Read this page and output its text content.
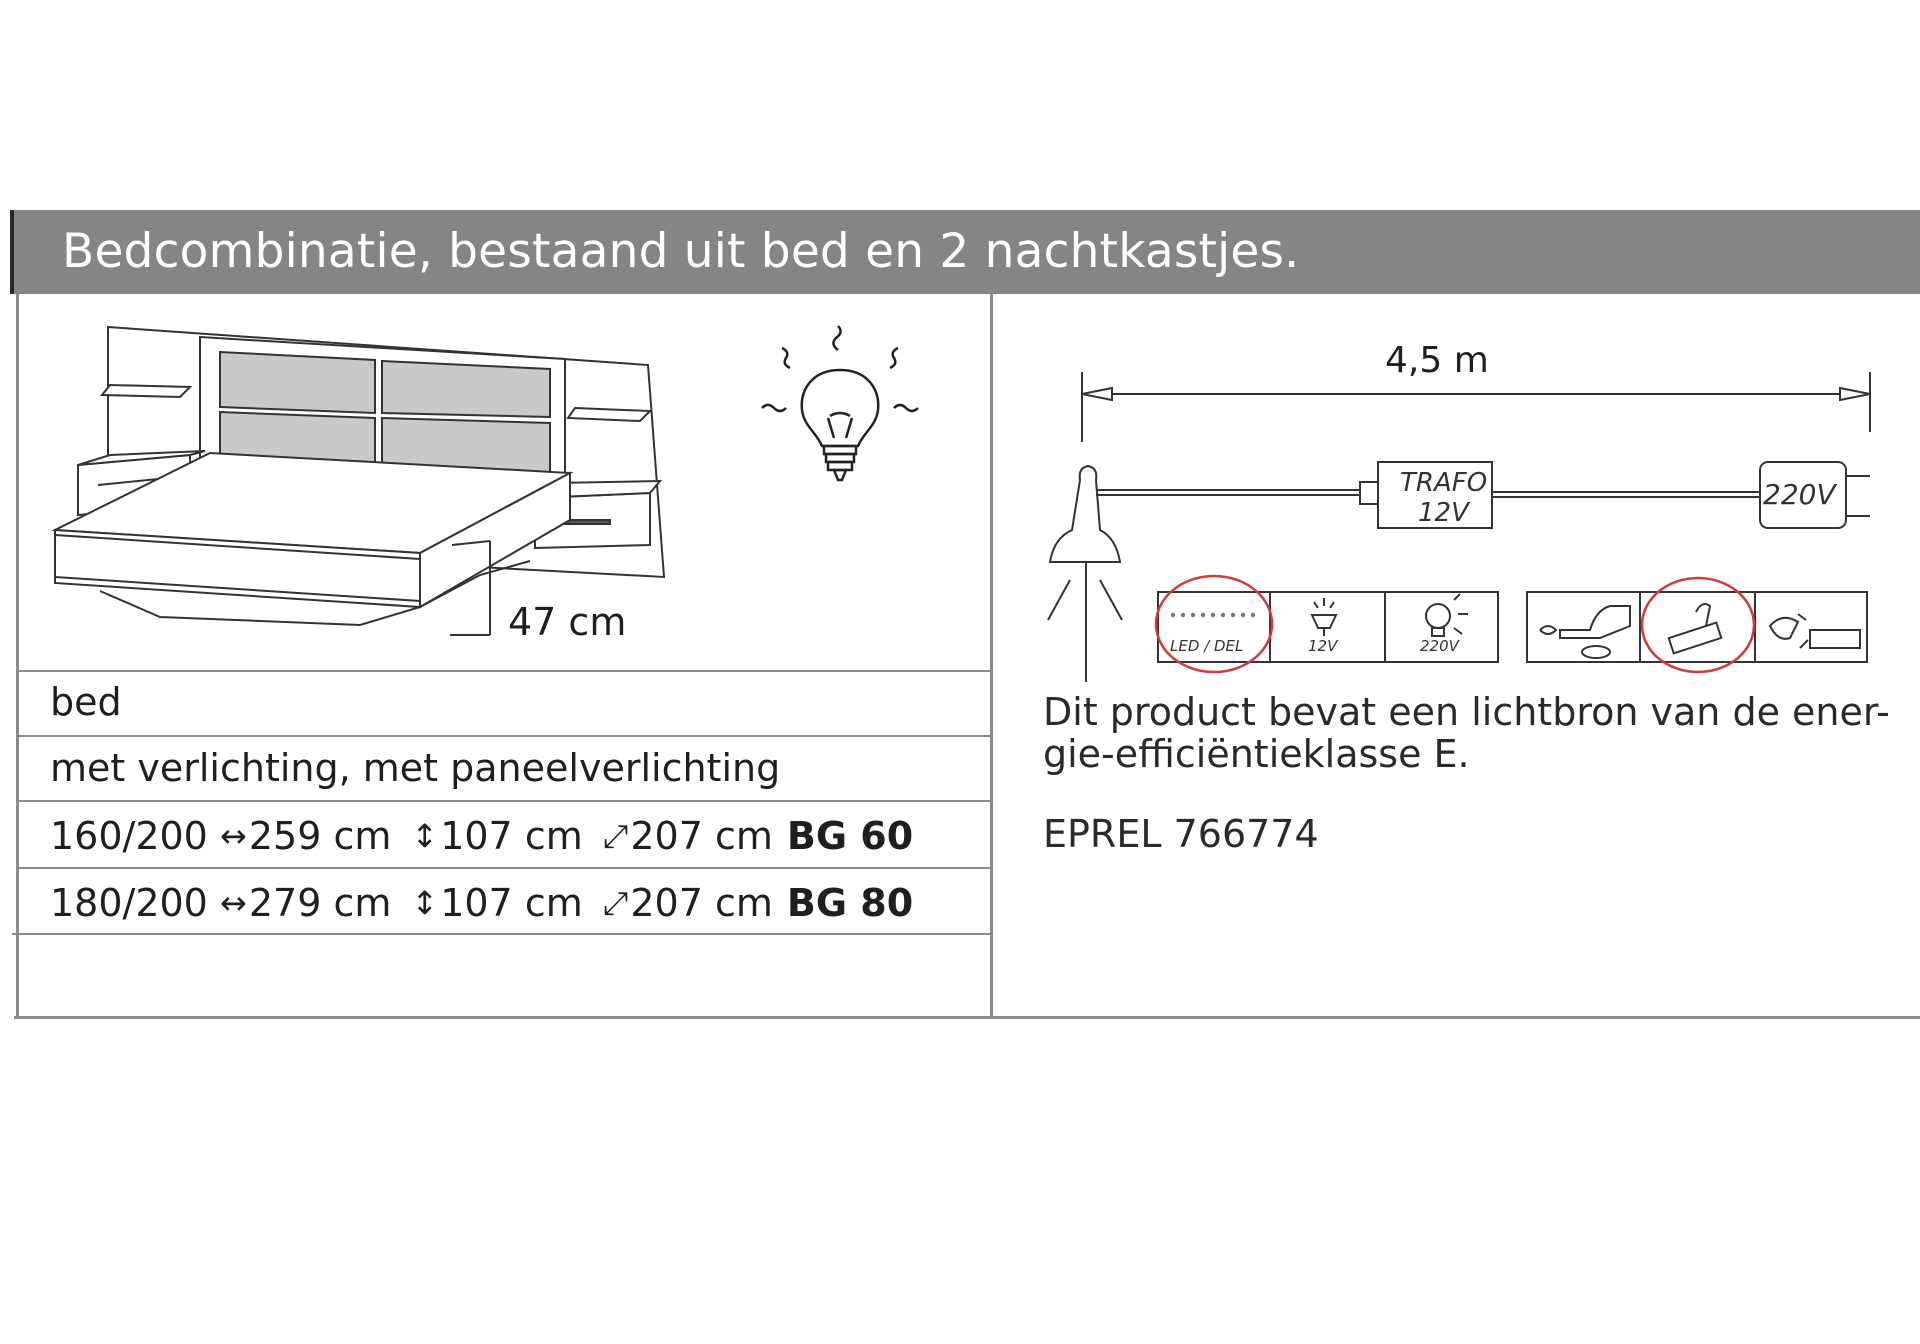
Bedcombinatie, bestaand uit bed en 2 nachtkastjes.
47 cm
bed
met verlichting, met paneelverlichting
160/200 ↔ 259 cm ↕ 107 cm ⤢ 207 cm BG 60
180/200 ↔ 279 cm ↕ 107 cm ⤢ 207 cm BG 80
4,5 m
TRAFO
12V
220V
LED / DEL	12V	220V
Dit product bevat een lichtbron van de ener-
gie-efficiëntieklasse E.
EPREL 766774
